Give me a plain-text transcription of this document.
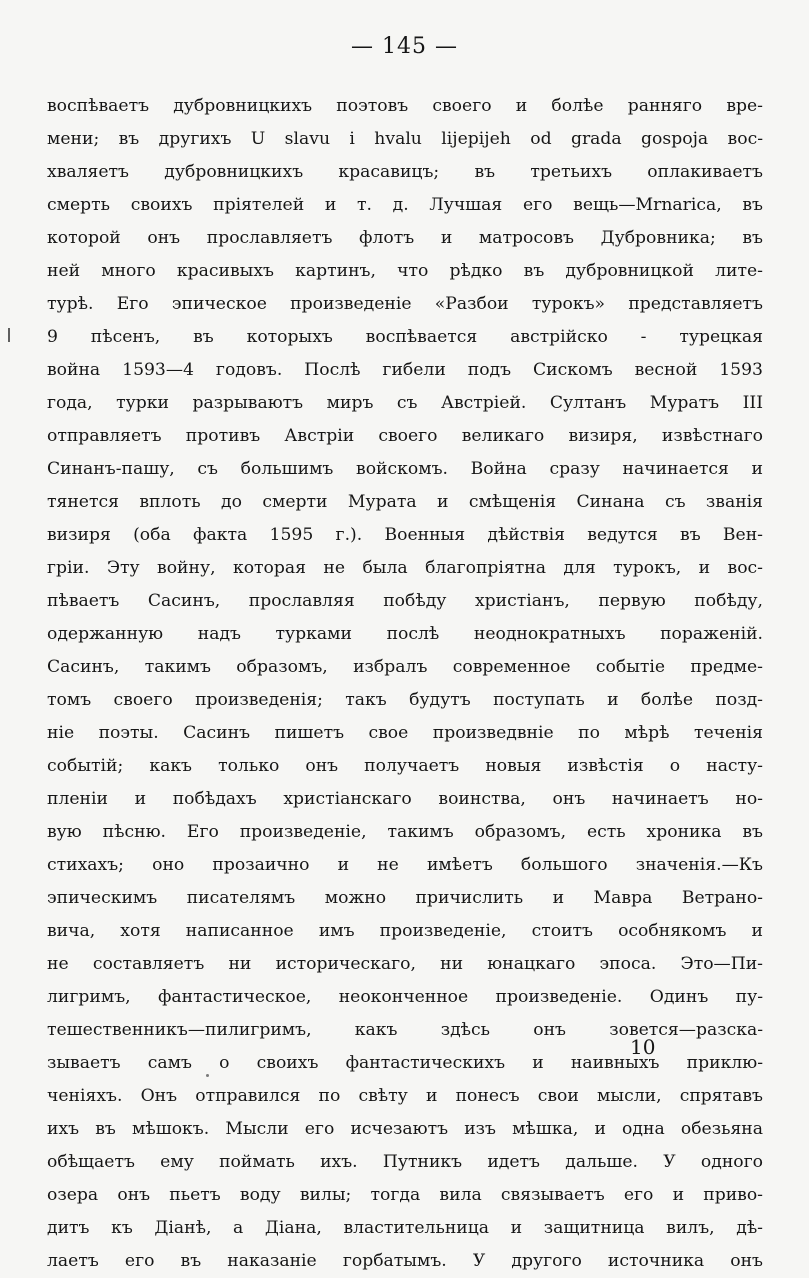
— 145 —
воспѣваетъ дубровницкихъ поэтовъ своего и болѣе ранняго вре-
мени; въ другихъ U slavu i hvalu lijepijeh od grada gospoja вос-
хваляетъ дубровницкихъ красавицъ; въ третьихъ оплакиваетъ
смерть своихъ пріятелей и т. д. Лучшая его вещь—Mrnarica, въ
которой онъ прославляетъ флотъ и матросовъ Дубровника; въ
ней много красивыхъ картинъ, что рѣдко въ дубровницкой лите-
турѣ. Его эпическое произведеніе «Разбои турокъ» представляетъ
9 пѣсенъ, въ которыхъ воспѣвается австрійско - турецкая
война 1593—4 годовъ. Послѣ гибели подъ Сискомъ весной 1593
года, турки разрываютъ миръ съ Австріей. Султанъ Муратъ III
отправляетъ противъ Австріи своего великаго визиря, извѣстнаго
Синанъ-пашу, съ большимъ войскомъ. Война сразу начинается и
тянется вплоть до смерти Мурата и смѣщенія Синана съ званія
визиря (оба факта 1595 г.). Военныя дѣйствія ведутся въ Вен-
гріи. Эту войну, которая не была благопріятна для турокъ, и вос-
пѣваетъ Сасинъ, прославляя побѣду христіанъ, первую побѣду,
одержанную надъ турками послѣ неоднократныхъ пораженій.
Сасинъ, такимъ образомъ, избралъ современное событіе предме-
томъ своего произведенія; такъ будутъ поступать и болѣе позд-
ніе поэты. Сасинъ пишетъ свое произведвніе по мѣрѣ теченія
событій; какъ только онъ получаетъ новыя извѣстія о насту-
пленіи и побѣдахъ христіанскаго воинства, онъ начинаетъ но-
вую пѣсню. Его произведеніе, такимъ образомъ, есть хроника въ
стихахъ; оно прозаично и не имѣетъ большого значенія.—Къ
эпическимъ писателямъ можно причислить и Мавра Ветрано-
вича, хотя написанное имъ произведеніе, стоитъ особнякомъ и
не составляетъ ни историческаго, ни юнацкаго эпоса. Это—Пи-
лигримъ, фантастическое, неоконченное произведеніе. Одинъ пу-
тешественникъ—пилигримъ, какъ здѣсь онъ зовется—разска-
зываетъ самъ о своихъ фантастическихъ и наивныхъ приклю-
ченіяхъ. Онъ отправился по свѣту и понесъ свои мысли, спрятавъ
ихъ въ мѣшокъ. Мысли его исчезаютъ изъ мѣшка, и одна обезьяна
обѣщаетъ ему поймать ихъ. Путникъ идетъ дальше. У одного
озера онъ пьетъ воду вилы; тогда вила связываетъ его и приво-
дитъ къ Діанѣ, а Діана, властительница и защитница вилъ, дѣ-
лаетъ его въ наказаніе горбатымъ. У другого источника онъ
10
